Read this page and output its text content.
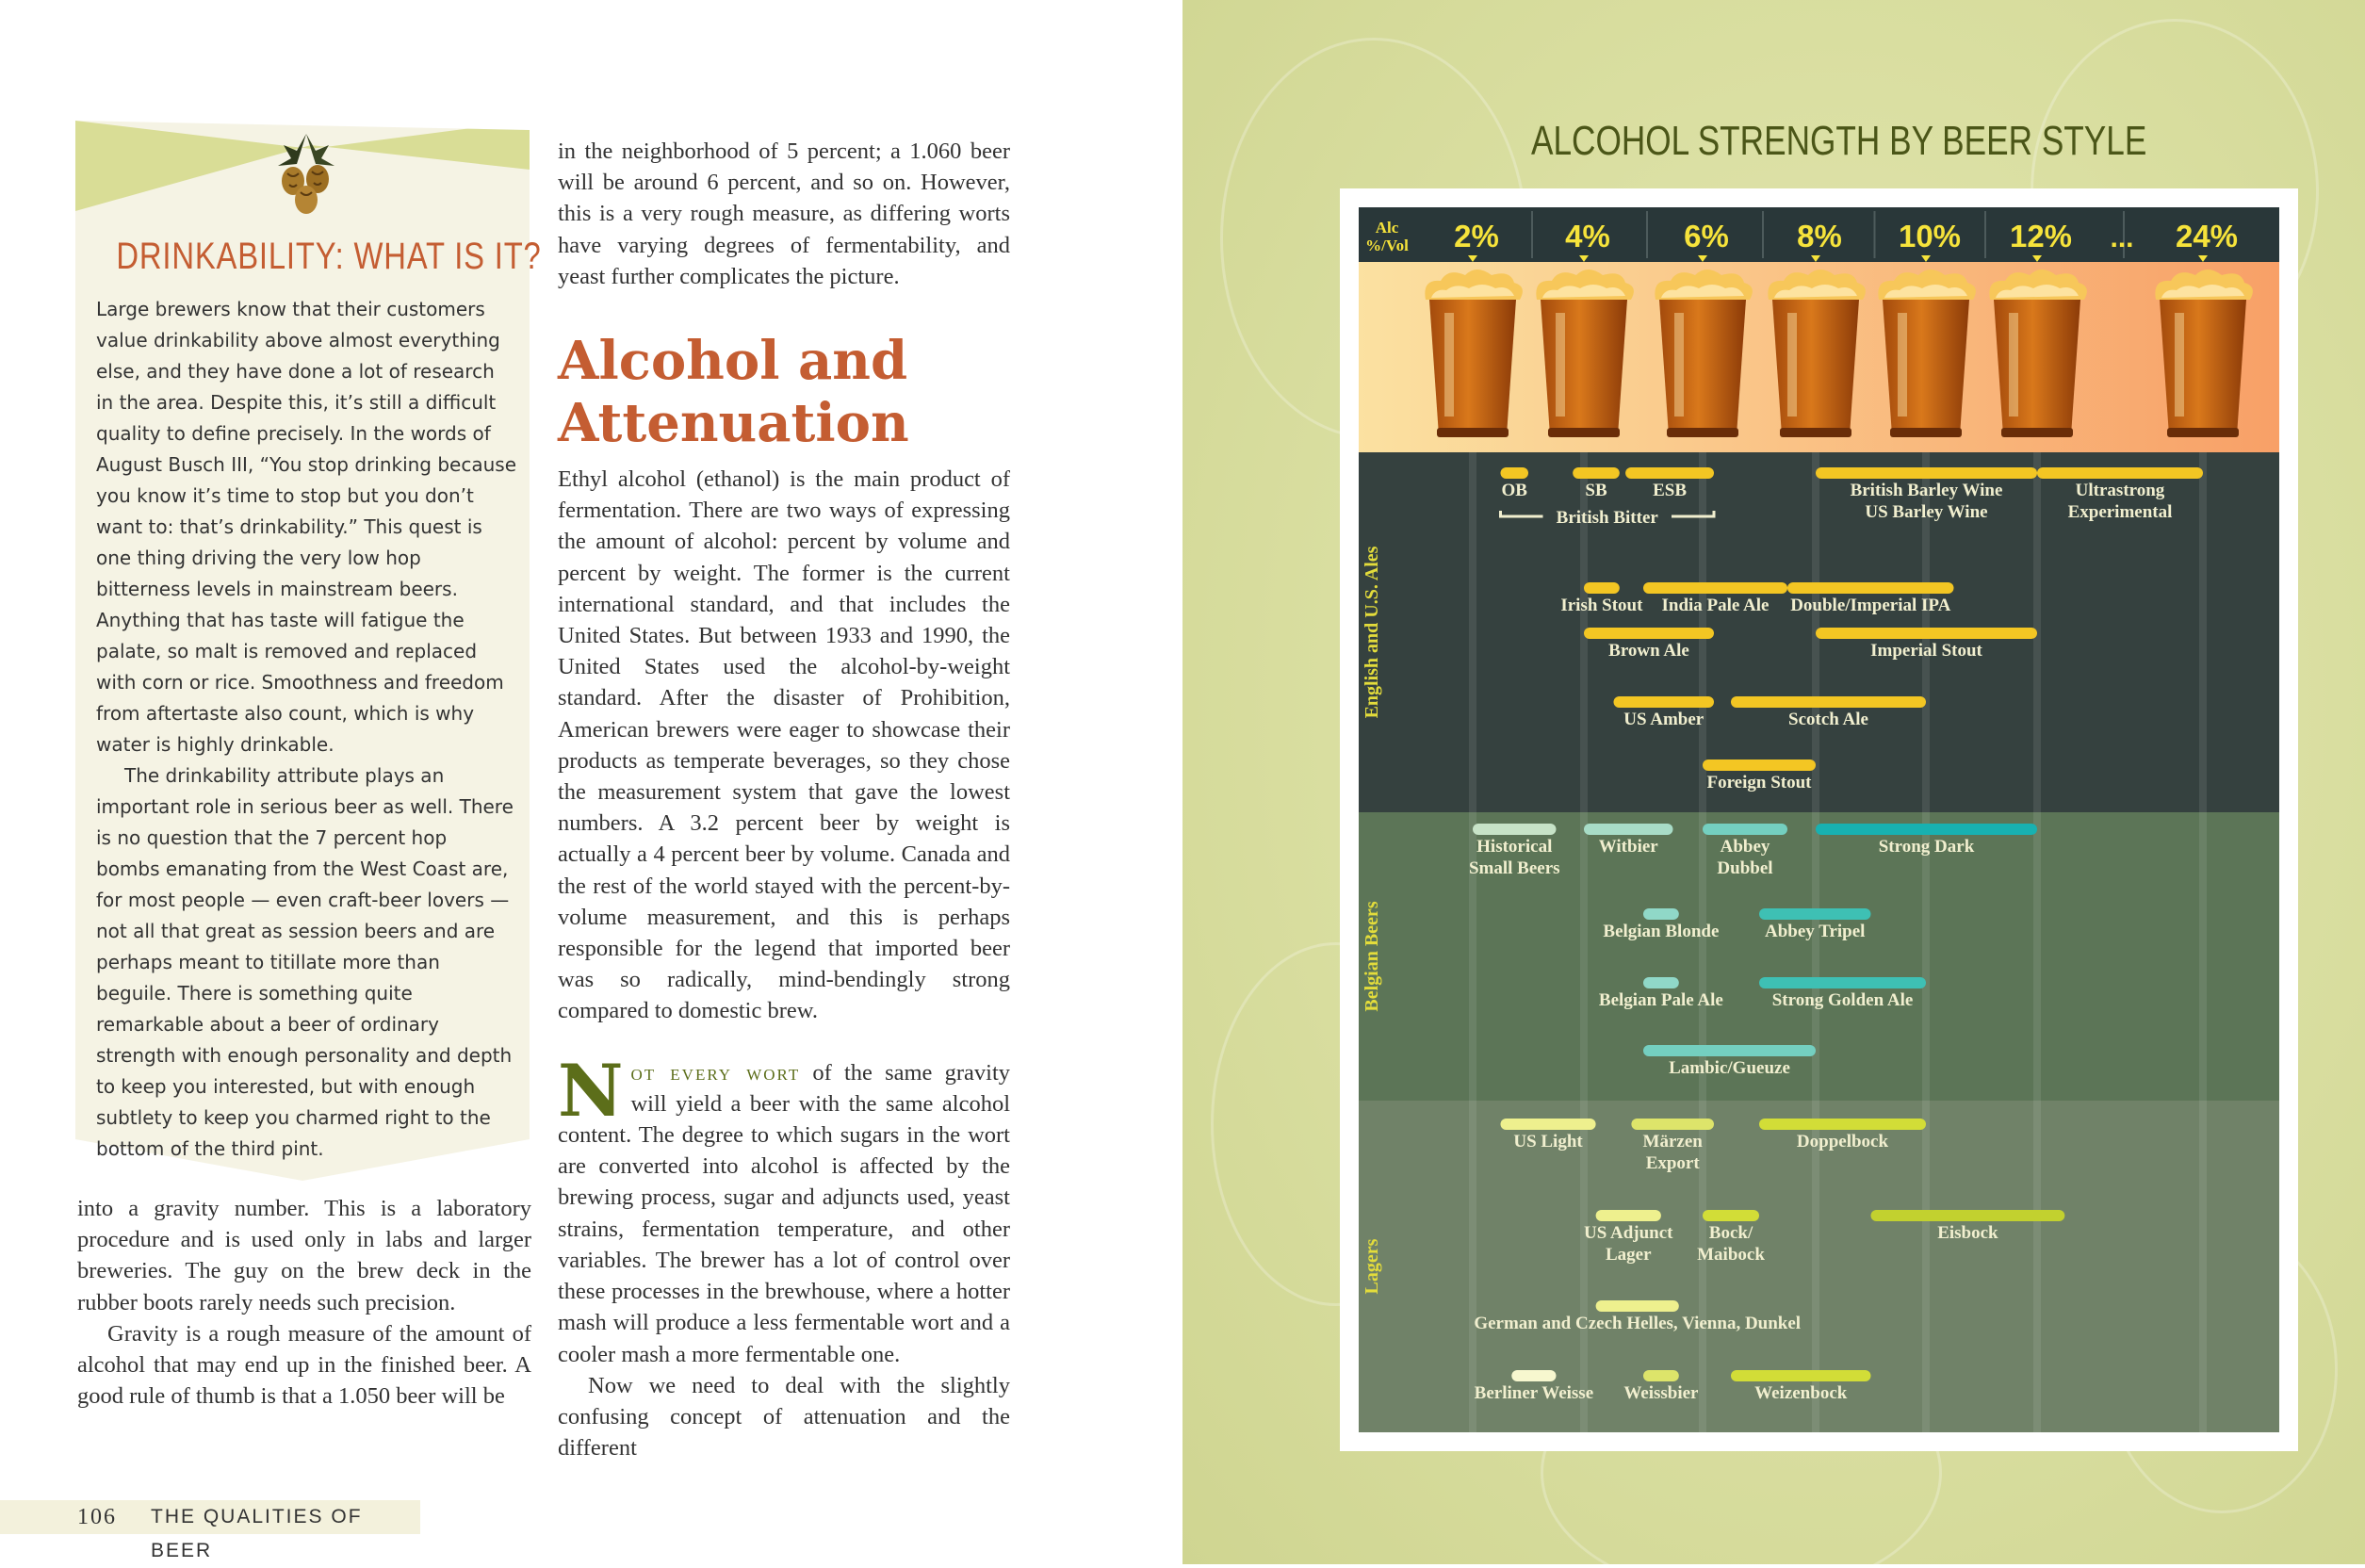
DRINKABILITY: WHAT IS IT?

Large brewers know that their customers value drinkability above almost everything else, and they have done a lot of research in the area. Despite this, it’s still a difficult quality to define precisely. In the words of August Busch III, “You stop drinking because you know it’s time to stop but you don’t want to: that’s drinkability.” This quest is one thing driving the very low hop bitterness levels in mainstream beers. Anything that has taste will fatigue the palate, so malt is removed and replaced with corn or rice. Smoothness and freedom from aftertaste also count, which is why water is highly drinkable.

The drinkability attribute plays an important role in serious beer as well. There is no question that the 7 percent hop bombs emanating from the West Coast are, for most people — even craft-beer lovers — not all that great as session beers and are perhaps meant to titillate more than beguile. There is something quite remarkable about a beer of ordinary strength with enough personality and depth to keep you interested, but with enough subtlety to keep you charmed right to the bottom of the third pint.

into a gravity number. This is a laboratory procedure and is used only in labs and larger breweries. The guy on the brew deck in the rubber boots rarely needs such precision.

Gravity is a rough measure of the amount of alcohol that may end up in the finished beer. A good rule of thumb is that a 1.050 beer will be

in the neighborhood of 5 percent; a 1.060 beer will be around 6 percent, and so on. However, this is a very rough measure, as differing worts have varying degrees of fermentability, and yeast further complicates the picture.

Alcohol and Attenuation

Ethyl alcohol (ethanol) is the main product of fermentation. There are two ways of expressing the amount of alcohol: percent by volume and percent by weight. The former is the current international standard, and that includes the United States. But between 1933 and 1990, the United States used the alcohol-by-weight standard. After the disaster of Prohibition, American brewers were eager to showcase their products as temperate beverages, so they chose the measurement system that gave the lowest numbers. A 3.2 percent beer by weight is actually a 4 percent beer by volume. Canada and the rest of the world stayed with the percent-by-volume measurement, and this is perhaps responsible for the legend that imported beer was so radically, mind-bendingly strong compared to domestic brew.

Not every wort of the same gravity will yield a beer with the same alcohol content. The degree to which sugars in the wort are converted into alcohol is affected by the brewing process, sugar and adjuncts used, yeast strains, fermentation temperature, and other variables. The brewer has a lot of control over these processes in the brewhouse, where a hotter mash will produce a less fermentable wort and a cooler mash a more fermentable one.

Now we need to deal with the slightly confusing concept of attenuation and the different

106 THE QUALITIES OF BEER
ALCOHOL STRENGTH BY BEER STYLE
Alc
%/Vol 2% 4% 6% 8% 10% 12%	24%
...
OB	SB	ESB	British Barley Wine US Barley Wine
Ultrastrong Experimental
Irish Stout India Pale Ale Double/Imperial IPA
Brown Ale	Imperial Stout
US Amber	Scotch Ale
Foreign Stout
British Bitter
Historical Small Beers
Witbier	Abbey Dubbel
Strong Dark
Belgian Blonde	Abbey Tripel
Belgian Pale Ale	Strong Golden Ale
Lambic/Gueuze
US Light	Märzen Export
Doppelbock
US Adjunct Lager
Bock/ Maibock
Eisbock
German and Czech Helles, Vienna, Dunkel
Berliner Weisse Weissbier	Weizenbock
English and U.S. Ales
Belgian Beers
Lagers
